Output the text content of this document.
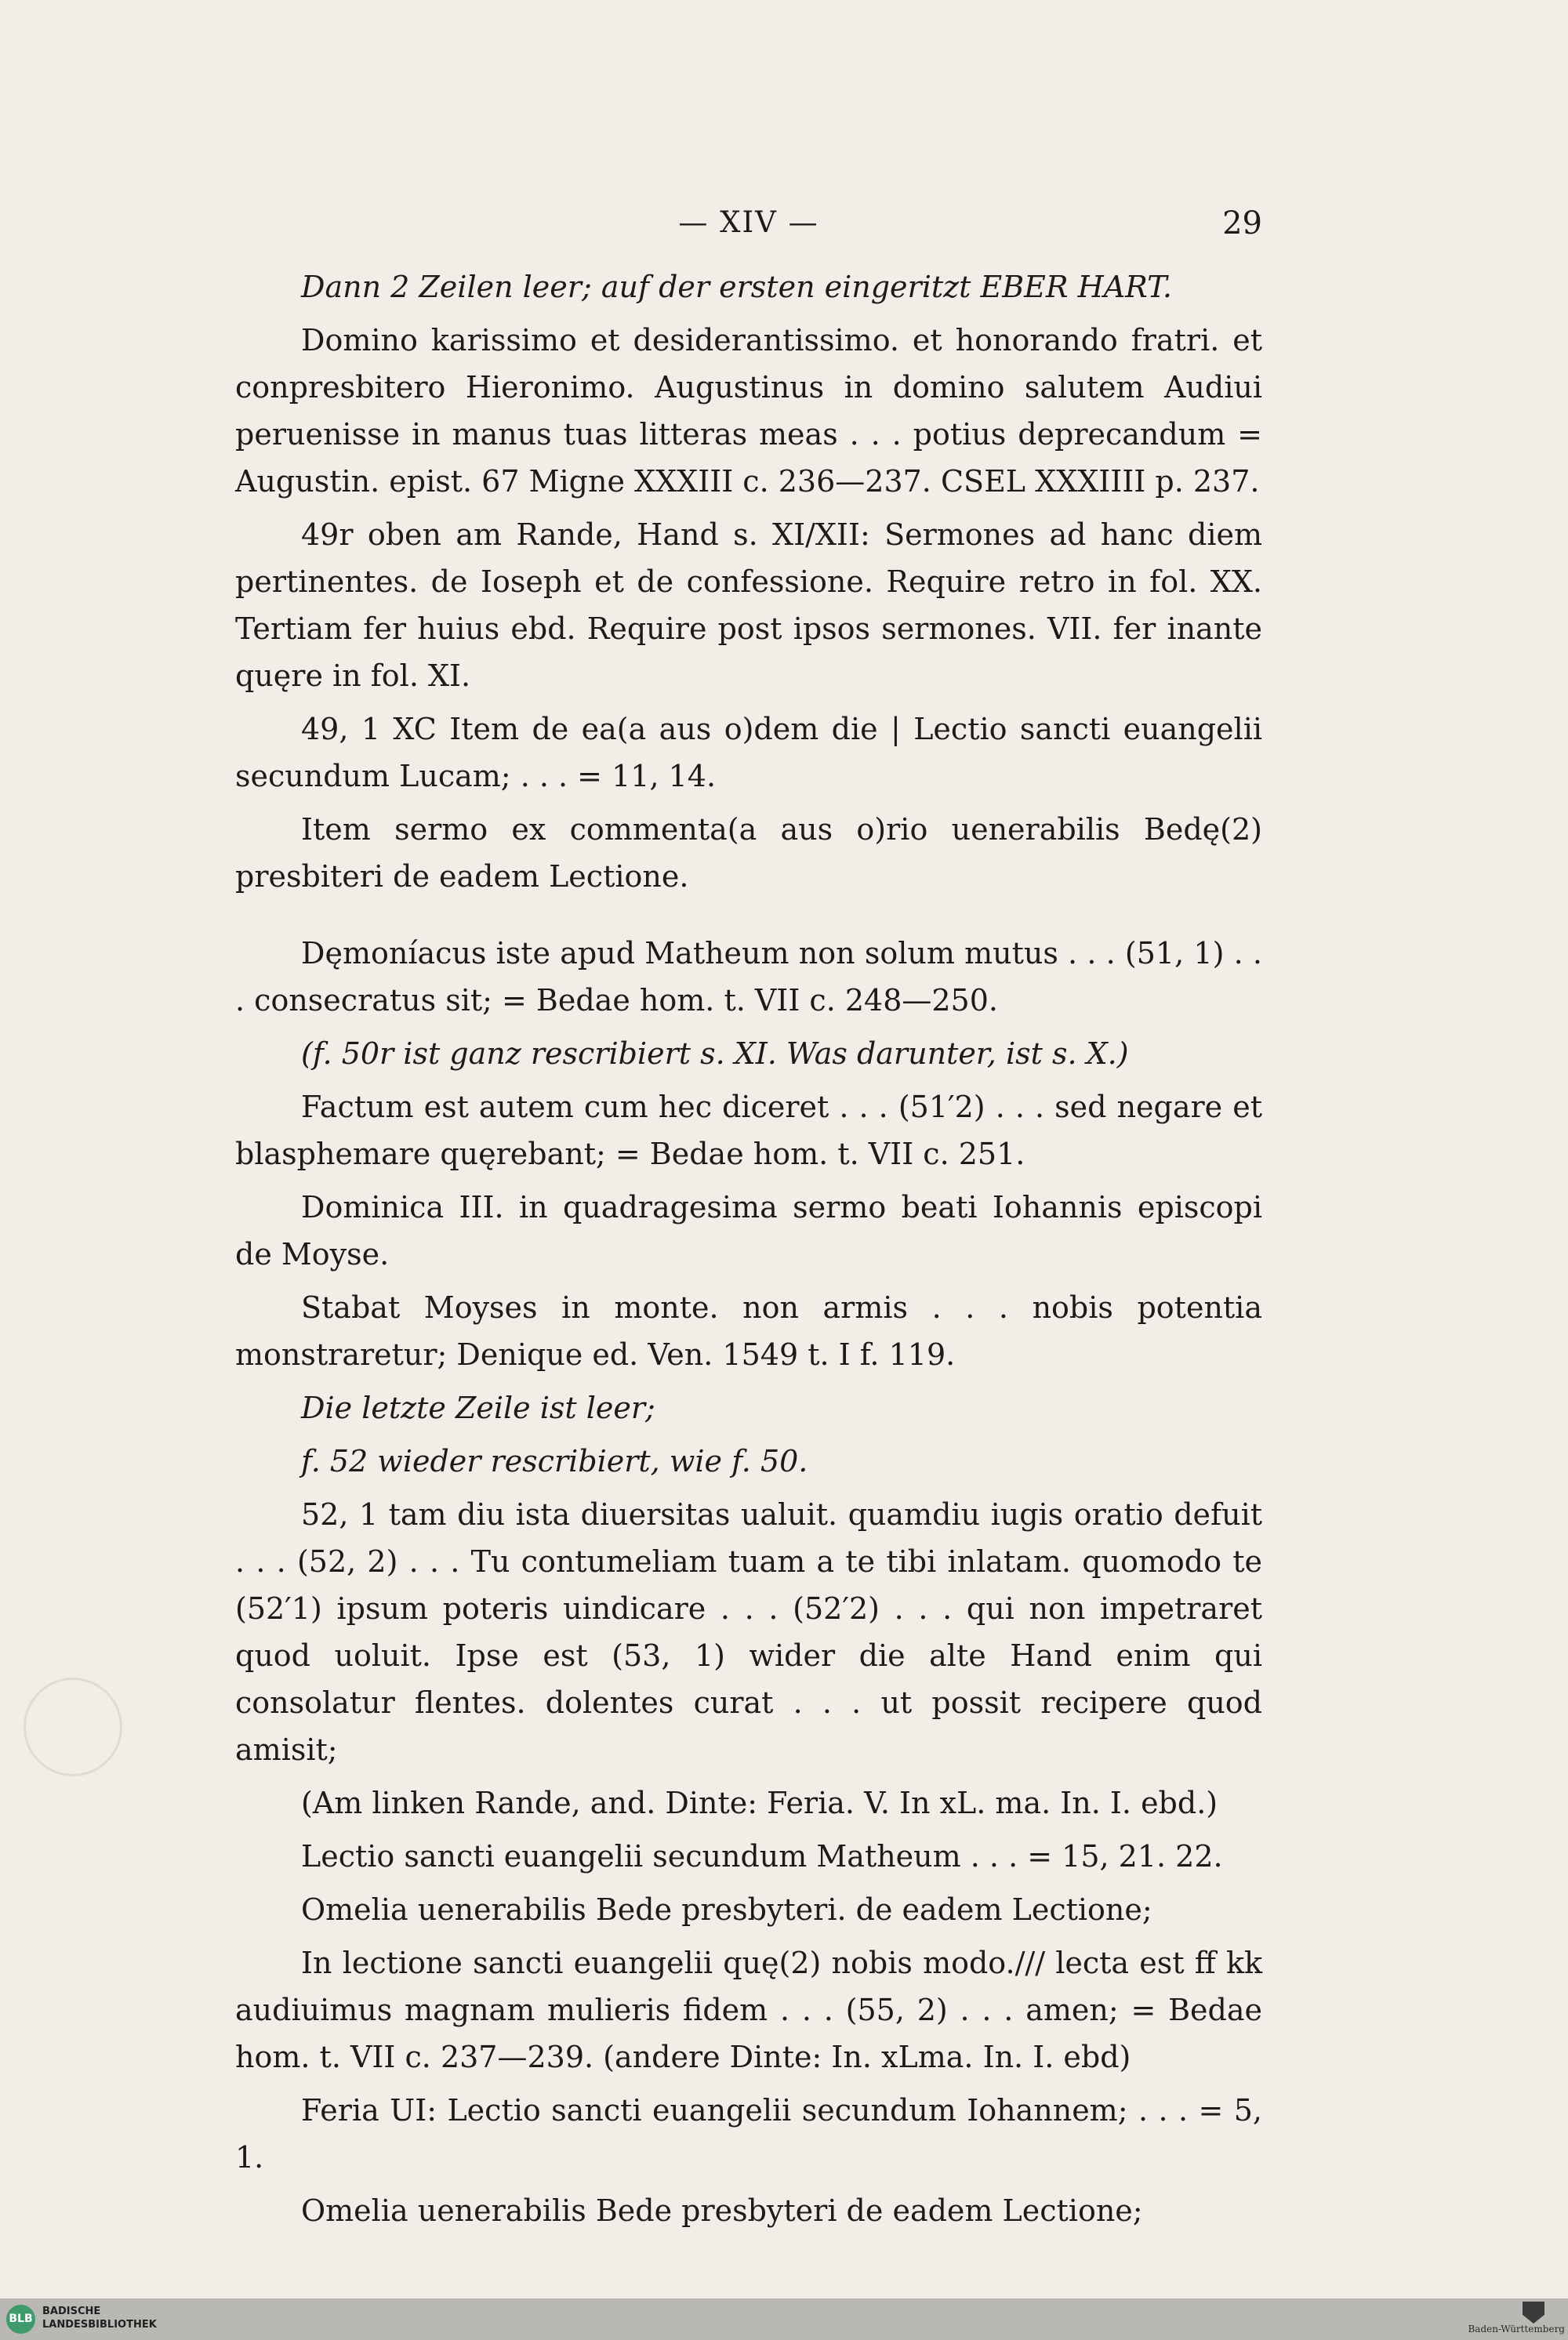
— XIV —	29

Dann 2 Zeilen leer; auf der ersten eingeritzt EBER HART.

Domino karissimo et desiderantissimo. et honorando fratri. et conpresbitero Hieronimo. Augustinus in domino salutem Audiui peruenisse in manus tuas litteras meas . . . potius deprecandum = Augustin. epist. 67 Migne XXXIII c. 236—237. CSEL XXXIIII p. 237.

49r oben am Rande, Hand s. XI/XII: Sermones ad hanc diem pertinentes. de Ioseph et de confessione. Require retro in fol. XX. Tertiam fer huius ebd. Require post ipsos sermones. VII. fer inante quęre in fol. XI.

49, 1 XC Item de ea(a aus o)dem die | Lectio sancti euangelii secundum Lucam; . . . = 11, 14.

Item sermo ex commenta(a aus o)rio uenerabilis Bedę(2) presbiteri de eadem Lectione.

Dęmoníacus iste apud Matheum non solum mutus . . . (51, 1) . . . consecratus sit; = Bedae hom. t. VII c. 248—250.

(f. 50r ist ganz rescribiert s. XI. Was darunter, ist s. X.)

Factum est autem cum hec diceret . . . (51′2) . . . sed negare et blasphemare quęrebant; = Bedae hom. t. VII c. 251.

Dominica III. in quadragesima sermo beati Iohannis episcopi de Moyse.

Stabat Moyses in monte. non armis . . . nobis potentia monstraretur; Denique ed. Ven. 1549 t. I f. 119.

Die letzte Zeile ist leer;

f. 52 wieder rescribiert, wie f. 50.

52, 1 tam diu ista diuersitas ualuit. quamdiu iugis oratio defuit . . . (52, 2) . . . Tu contumeliam tuam a te tibi inlatam. quomodo te (52′1) ipsum poteris uindicare . . . (52′2) . . . qui non impetraret quod uoluit. Ipse est (53, 1) wider die alte Hand enim qui consolatur flentes. dolentes curat . . . ut possit recipere quod amisit;

(Am linken Rande, and. Dinte: Feria. V. In xL. ma. In. I. ebd.)

Lectio sancti euangelii secundum Matheum . . . = 15, 21. 22.

Omelia uenerabilis Bede presbyteri. de eadem Lectione;

In lectione sancti euangelii quę(2) nobis modo./// lecta est ff kk audiuimus magnam mulieris fidem . . . (55, 2) . . . amen; = Bedae hom. t. VII c. 237—239. (andere Dinte: In. xLma. In. I. ebd)

Feria UI: Lectio sancti euangelii secundum Iohannem; . . . = 5, 1.

Omelia uenerabilis Bede presbyteri de eadem Lectione;

BLB
BADISCHE
LANDESBIBLIOTHEK	Baden-Württemberg
